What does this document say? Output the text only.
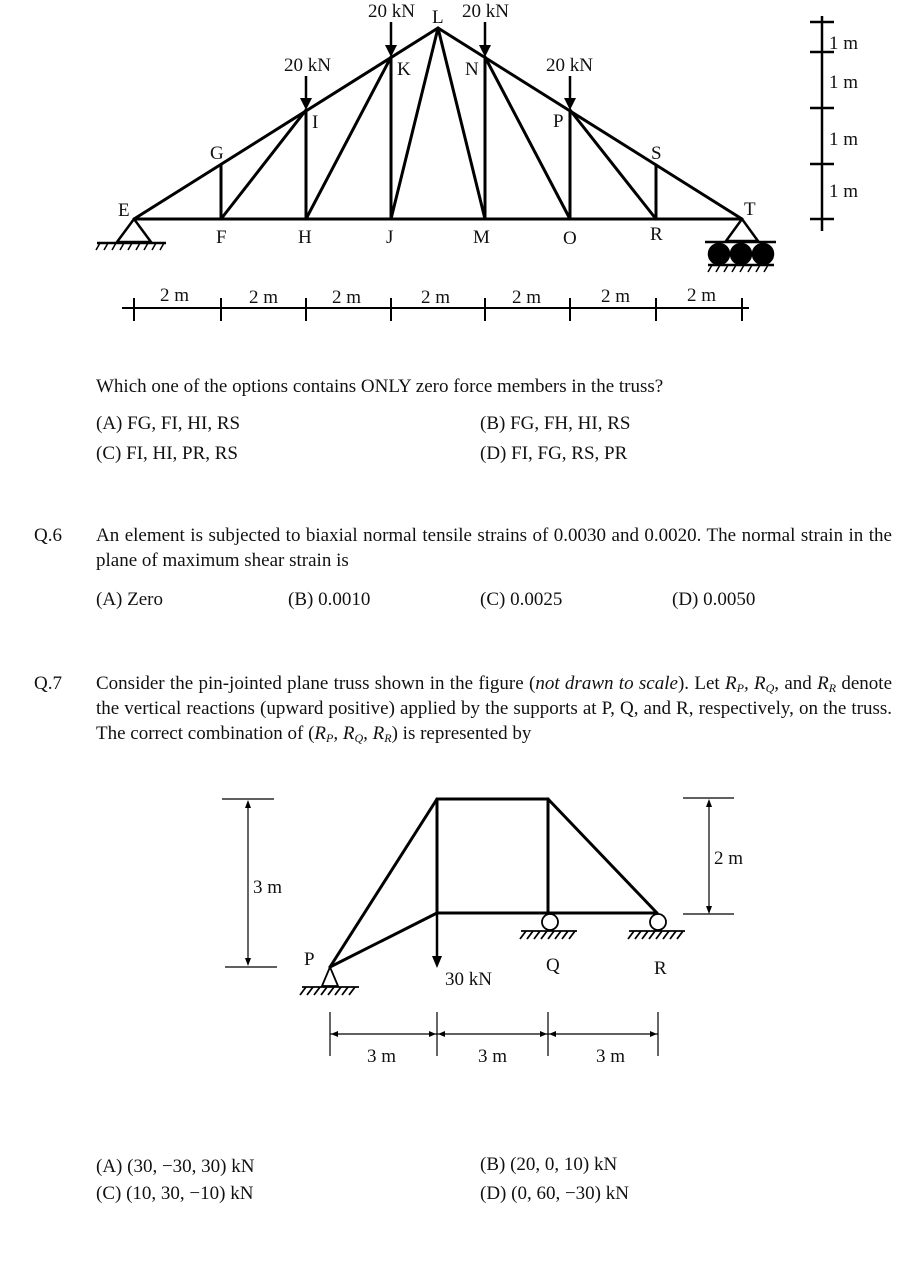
20 kN
20 kN 20 kN
20 kN
E
F
G
H
I
J
K
L
M
N
O
P
R
S
T
2 m	2 m	2 m	2 m	2 m	2 m	2 m
1 m
1 m
1 m
1 m
Which one of the options contains ONLY zero force members in the truss?
(A) FG, FI, HI, RS	(B) FG, FH, HI, RS
(C) FI, HI, PR, RS	(D) FI, FG, RS, PR
Q.6 An element is subjected to biaxial normal tensile strains of 0.0030 and 0.0020. The normal strain in the plane of maximum shear strain is
(A) Zero	(B) 0.0010	(C) 0.0025	(D) 0.0050
Q.7 Consider the pin-jointed plane truss shown in the figure (not drawn to scale). Let $R_P$, $R_Q$, and $R_R$ denote the vertical reactions (upward positive) applied by the supports at P, Q, and R, respectively, on the truss. The correct combination of ($R_P$, $R_Q$, $R_R$) is represented by
30 kN
P	Q	R
3 m
2 m
3 m	3 m	3 m
(A) (30, −30, 30) kN	(B) (20, 0, 10) kN
(C) (10, 30, −10) kN	(D) (0, 60, −30) kN
